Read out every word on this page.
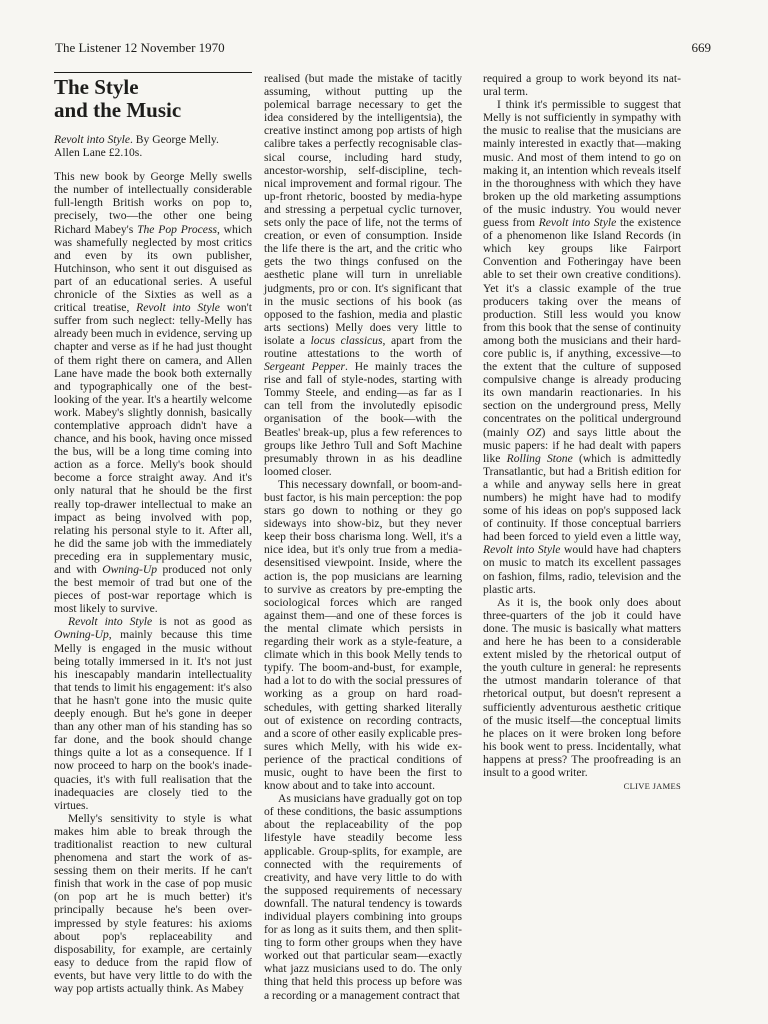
The Listener 12 November 1970	669
The Style
and the Music
Revolt into Style. By George Melly.
Allen Lane £2.10s.

This new book by George Melly swells the number of intellectually considerable full-length British works on pop to, precisely, two—the other one being Richard Mabey's The Pop Process, which was shamefully neglected by most critics and even by its own publisher, Hutchinson, who sent it out disguised as part of an educational series. A useful chronicle of the Sixties as well as a critical treatise, Revolt into Style won't suffer from such neglect: telly-Melly has already been much in evidence, serving up chapter and verse as if he had just thought of them right there on camera, and Allen Lane have made the book both externally and typographically one of the best-looking of the year. It's a heartily welcome work. Mabey's slightly donnish, basically contemplative approach didn't have a chance, and his book, having once missed the bus, will be a long time coming into action as a force. Melly's book should become a force straight away. And it's only natural that he should be the first really top-drawer intellectual to make an impact as being involved with pop, relating his personal style to it. After all, he did the same job with the immediately preceding era in supplementary music, and with Owning-Up produced not only the best memoir of trad but one of the pieces of post-war reportage which is most likely to survive.

Revolt into Style is not as good as Owning-Up, mainly because this time Melly is engaged in the music without being totally immersed in it. It's not just his inescapably mandarin intellectuality that tends to limit his engagement: it's also that he hasn't gone into the music quite deeply enough. But he's gone in deeper than any other man of his standing has so far done, and the book should change things quite a lot as a consequence. If I now proceed to harp on the book's inadequacies, it's with full realisation that the inadequacies are closely tied to the virtues.

Melly's sensitivity to style is what makes him able to break through the traditionalist reaction to new cultural phenomena and start the work of assessing them on their merits. If he can't finish that work in the case of pop music (on pop art he is much better) it's principally because he's been over-impressed by style features: his axioms about pop's replaceability and disposability, for example, are certainly easy to deduce from the rapid flow of events, but have very little to do with the way pop artists actually think. As Mabey

realised (but made the mistake of tacitly assuming, without putting up the polemical barrage necessary to get the idea considered by the intelligentsia), the creative instinct among pop artists of high calibre takes a perfectly recognisable classical course, including hard study, ancestor-worship, self-discipline, technical improvement and formal rigour. The up-front rhetoric, boosted by media-hype and stressing a perpetual cyclic turnover, sets only the pace of life, not the terms of creation, or even of consumption. Inside the life there is the art, and the critic who gets the two things confused on the aesthetic plane will turn in unreliable judgments, pro or con. It's significant that in the music sections of his book (as opposed to the fashion, media and plastic arts sections) Melly does very little to isolate a locus classicus, apart from the routine attestations to the worth of Sergeant Pepper. He mainly traces the rise and fall of style-nodes, starting with Tommy Steele, and ending—as far as I can tell from the involutedly episodic organisation of the book—with the Beatles' break-up, plus a few references to groups like Jethro Tull and Soft Machine presumably thrown in as his deadline loomed closer.

This necessary downfall, or boom-and-bust factor, is his main perception: the pop stars go down to nothing or they go sideways into show-biz, but they never keep their boss charisma long. Well, it's a nice idea, but it's only true from a media-desensitised viewpoint. Inside, where the action is, the pop musicians are learning to survive as creators by pre-empting the sociological forces which are ranged against them—and one of these forces is the mental climate which persists in regarding their work as a style-feature, a climate which in this book Melly tends to typify. The boom-and-bust, for example, had a lot to do with the social pressures of working as a group on hard road-schedules, with getting sharked literally out of existence on recording contracts, and a score of other easily explicable pressures which Melly, with his wide experience of the practical conditions of music, ought to have been the first to know about and to take into account.

As musicians have gradually got on top of these conditions, the basic assumptions about the replaceability of the pop lifestyle have steadily become less applicable. Group-splits, for example, are connected with the requirements of creativity, and have very little to do with the supposed requirements of necessary downfall. The natural tendency is towards individual players combining into groups for as long as it suits them, and then splitting to form other groups when they have worked out that particular seam—exactly what jazz musicians used to do. The only thing that held this process up before was a recording or a management contract that

required a group to work beyond its natural term.

I think it's permissible to suggest that Melly is not sufficiently in sympathy with the music to realise that the musicians are mainly interested in exactly that—making music. And most of them intend to go on making it, an intention which reveals itself in the thoroughness with which they have broken up the old marketing assumptions of the music industry. You would never guess from Revolt into Style the existence of a phenomenon like Island Records (in which key groups like Fairport Convention and Fotheringay have been able to set their own creative conditions). Yet it's a classic example of the true producers taking over the means of production. Still less would you know from this book that the sense of continuity among both the musicians and their hard-core public is, if anything, excessive—to the extent that the culture of supposed compulsive change is already producing its own mandarin reactionaries. In his section on the underground press, Melly concentrates on the political underground (mainly OZ) and says little about the music papers: if he had dealt with papers like Rolling Stone (which is admittedly Transatlantic, but had a British edition for a while and anyway sells here in great numbers) he might have had to modify some of his ideas on pop's supposed lack of continuity. If those conceptual barriers had been forced to yield even a little way, Revolt into Style would have had chapters on music to match its excellent passages on fashion, films, radio, television and the plastic arts.

As it is, the book only does about three-quarters of the job it could have done. The music is basically what matters and here he has been to a considerable extent misled by the rhetorical output of the youth culture in general: he represents the utmost mandarin tolerance of that rhetorical output, but doesn't represent a sufficiently adventurous aesthetic critique of the music itself—the conceptual limits he places on it were broken long before his book went to press. Incidentally, what happens at press? The proofreading is an insult to a good writer.

CLIVE JAMES
